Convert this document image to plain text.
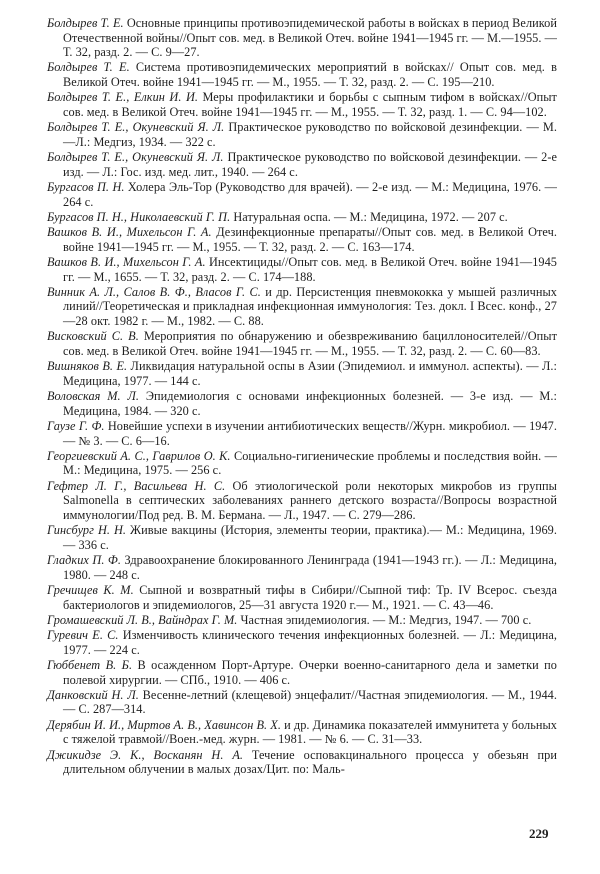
Болдырев Т. Е. Основные принципы противоэпидемической работы в войсках в период Великой Отечественной войны//Опыт сов. мед. в Великой Отеч. войне 1941—1945 гг. — М.—1955. — Т. 32, разд. 2. — С. 9—27.

Болдырев Т. Е. Система противоэпидемических мероприятий в войсках// Опыт сов. мед. в Великой Отеч. войне 1941—1945 гг. — М., 1955. — Т. 32, разд. 2. — С. 195—210.

Болдырев Т. Е., Елкин И. И. Меры профилактики и борьбы с сыпным тифом в войсках//Опыт сов. мед. в Великой Отеч. войне 1941—1945 гг. — М., 1955. — Т. 32, разд. 1. — С. 94—102.

Болдырев Т. Е., Окуневский Я. Л. Практическое руководство по войсковой дезинфекции. — М.—Л.: Медгиз, 1934. — 322 с.

Болдырев Т. Е., Окуневский Я. Л. Практическое руководство по войсковой дезинфекции. — 2-е изд. — Л.: Гос. изд. мед. лит., 1940. — 264 с.

Бургасов П. Н. Холера Эль-Тор (Руководство для врачей). — 2-е изд. — М.: Медицина, 1976. — 264 с.

Бургасов П. Н., Николаевский Г. П. Натуральная оспа. — М.: Медицина, 1972. — 207 с.

Вашков В. И., Михельсон Г. А. Дезинфекционные препараты//Опыт сов. мед. в Великой Отеч. войне 1941—1945 гг. — М., 1955. — Т. 32, разд. 2. — С. 163—174.

Вашков В. И., Михельсон Г. А. Инсектициды//Опыт сов. мед. в Великой Отеч. войне 1941—1945 гг. — М., 1655. — Т. 32, разд. 2. — С. 174—188.

Винник А. Л., Салов В. Ф., Власов Г. С. и др. Персистенция пневмококка у мышей различных линий//Теоретическая и прикладная инфекционная иммунология: Тез. докл. I Всес. конф., 27—28 окт. 1982 г. — М., 1982. — С. 88.

Висковский С. В. Мероприятия по обнаружению и обезвреживанию бациллоносителей//Опыт сов. мед. в Великой Отеч. войне 1941—1945 гг. — М., 1955. — Т. 32, разд. 2. — С. 60—83.

Вишняков В. Е. Ликвидация натуральной оспы в Азии (Эпидемиол. и иммунол. аспекты). — Л.: Медицина, 1977. — 144 с.

Воловская М. Л. Эпидемиология с основами инфекционных болезней. — 3-е изд. — М.: Медицина, 1984. — 320 с.

Гаузе Г. Ф. Новейшие успехи в изучении антибиотических веществ//Журн. микробиол. — 1947. — № 3. — С. 6—16.

Георгиевский А. С., Гаврилов О. К. Социально-гигиенические проблемы и последствия войн. — М.: Медицина, 1975. — 256 с.

Гефтер Л. Г., Васильева Н. С. Об этиологической роли некоторых микробов из группы Salmonella в септических заболеваниях раннего детского возраста//Вопросы возрастной иммунологии/Под ред. В. М. Бермана. — Л., 1947. — С. 279—286.

Гинсбург Н. Н. Живые вакцины (История, элементы теории, практика).— М.: Медицина, 1969. — 336 с.

Гладких П. Ф. Здравоохранение блокированного Ленинграда (1941—1943 гг.). — Л.: Медицина, 1980. — 248 с.

Гречищев К. М. Сыпной и возвратный тифы в Сибири//Сыпной тиф: Тр. IV Всерос. съезда бактериологов и эпидемиологов, 25—31 августа 1920 г.— М., 1921. — С. 43—46.

Громашевский Л. В., Вайндрах Г. М. Частная эпидемиология. — М.: Медгиз, 1947. — 700 с.

Гуревич Е. С. Изменчивость клинического течения инфекционных болезней. — Л.: Медицина, 1977. — 224 с.

Гюббенет В. Б. В осажденном Порт-Артуре. Очерки военно-санитарного дела и заметки по полевой хирургии. — СПб., 1910. — 406 с.

Данковский Н. Л. Весенне-летний (клещевой) энцефалит//Частная эпидемиология. — М., 1944. — С. 287—314.

Дерябин И. И., Миртов А. В., Хавинсон В. Х. и др. Динамика показателей иммунитета у больных с тяжелой травмой//Воен.-мед. журн. — 1981. — № 6. — С. 31—33.

Джикидзе Э. К., Восканян Н. А. Течение осповакцинального процесса у обезьян при длительном облучении в малых дозах/Цит. по: Маль-

229
